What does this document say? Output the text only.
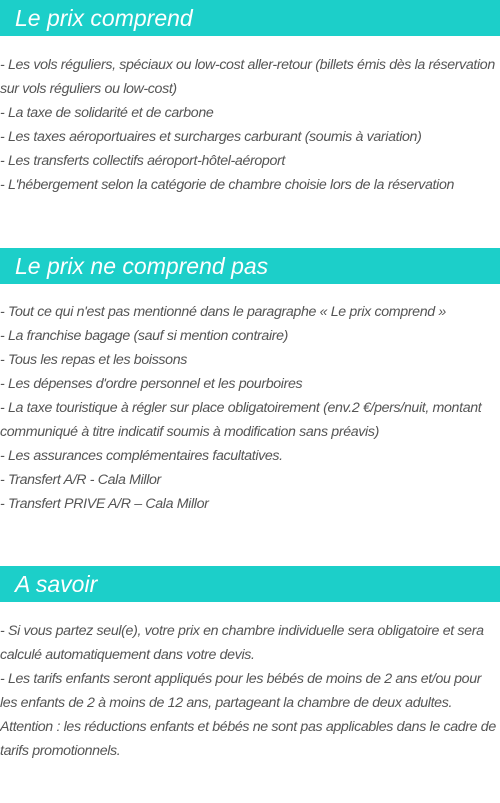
Le prix comprend
- Les vols réguliers, spéciaux ou low-cost aller-retour (billets émis dès la réservation sur vols réguliers ou low-cost)
- La taxe de solidarité et de carbone
- Les taxes aéroportuaires et surcharges carburant (soumis à variation)
- Les transferts collectifs aéroport-hôtel-aéroport
- L'hébergement selon la catégorie de chambre choisie lors de la réservation
Le prix ne comprend pas
- Tout ce qui n'est pas mentionné dans le paragraphe « Le prix comprend »
- La franchise bagage (sauf si mention contraire)
- Tous les repas et les boissons
- Les dépenses d'ordre personnel et les pourboires
- La taxe touristique à régler sur place obligatoirement (env.2 €/pers/nuit, montant communiqué à titre indicatif soumis à modification sans préavis)
- Les assurances complémentaires facultatives.
- Transfert A/R - Cala Millor
- Transfert PRIVE A/R – Cala Millor
A savoir
- Si vous partez seul(e), votre prix en chambre individuelle sera obligatoire et sera calculé automatiquement dans votre devis.
- Les tarifs enfants seront appliqués pour les bébés de moins de 2 ans et/ou pour les enfants de 2 à moins de 12 ans, partageant la chambre de deux adultes.
Attention : les réductions enfants et bébés ne sont pas applicables dans le cadre de tarifs promotionnels.
